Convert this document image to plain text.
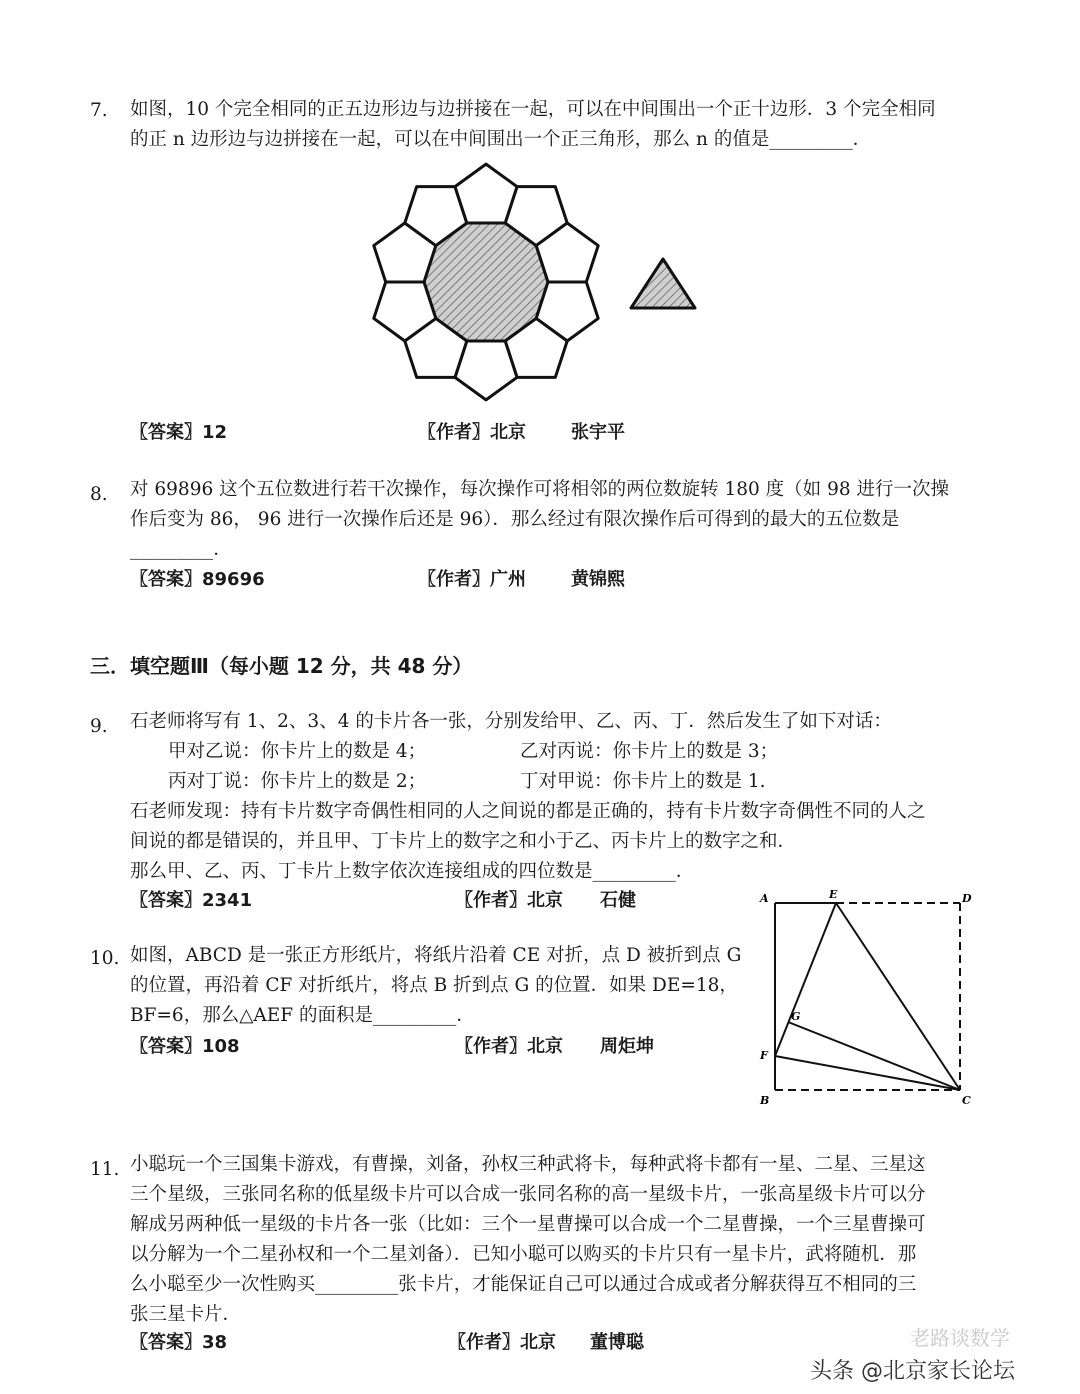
7. 如图，10 个完全相同的正五边形边与边拼接在一起，可以在中间围出一个正十边形．3 个完全相同
的正 n 边形边与边拼接在一起，可以在中间围出一个正三角形，那么 n 的值是_________．
〖答案〗12	〖作者〗北京	张宇平
8. 对 69896 这个五位数进行若干次操作，每次操作可将相邻的两位数旋转 180 度（如 98 进行一次操
作后变为 86， 96 进行一次操作后还是 96）．那么经过有限次操作后可得到的最大的五位数是
_________．
〖答案〗89696	〖作者〗广州	黄锦熙
三．填空题Ⅲ（每小题 12 分，共 48 分）
9. 石老师将写有 1、2、3、4 的卡片各一张，分别发给甲、乙、丙、丁．然后发生了如下对话：
甲对乙说：你卡片上的数是 4；	乙对丙说：你卡片上的数是 3；
丙对丁说：你卡片上的数是 2；	丁对甲说：你卡片上的数是 1.
石老师发现：持有卡片数字奇偶性相同的人之间说的都是正确的，持有卡片数字奇偶性不同的人之
间说的都是错误的，并且甲、丁卡片上的数字之和小于乙、丙卡片上的数字之和．
那么甲、乙、丙、丁卡片上数字依次连接组成的四位数是_________．
〖答案〗2341	〖作者〗北京 石健
10. 如图，ABCD 是一张正方形纸片，将纸片沿着 CE 对折，点 D 被折到点 G
的位置，再沿着 CF 对折纸片，将点 B 折到点 G 的位置．如果 DE=18，
BF=6，那么△AEF 的面积是_________．
〖答案〗108	〖作者〗北京 周炬坤
A	E	D
G
F
B	C
11. 小聪玩一个三国集卡游戏，有曹操，刘备，孙权三种武将卡，每种武将卡都有一星、二星、三星这
三个星级，三张同名称的低星级卡片可以合成一张同名称的高一星级卡片，一张高星级卡片可以分
解成另两种低一星级的卡片各一张（比如：三个一星曹操可以合成一个二星曹操，一个三星曹操可
以分解为一个二星孙权和一个二星刘备）．已知小聪可以购买的卡片只有一星卡片，武将随机．那
么小聪至少一次性购买_________张卡片，才能保证自己可以通过合成或者分解获得互不相同的三
张三星卡片．
〖答案〗38	〖作者〗北京 董博聪	老路谈数学
头条 @北京家长论坛
